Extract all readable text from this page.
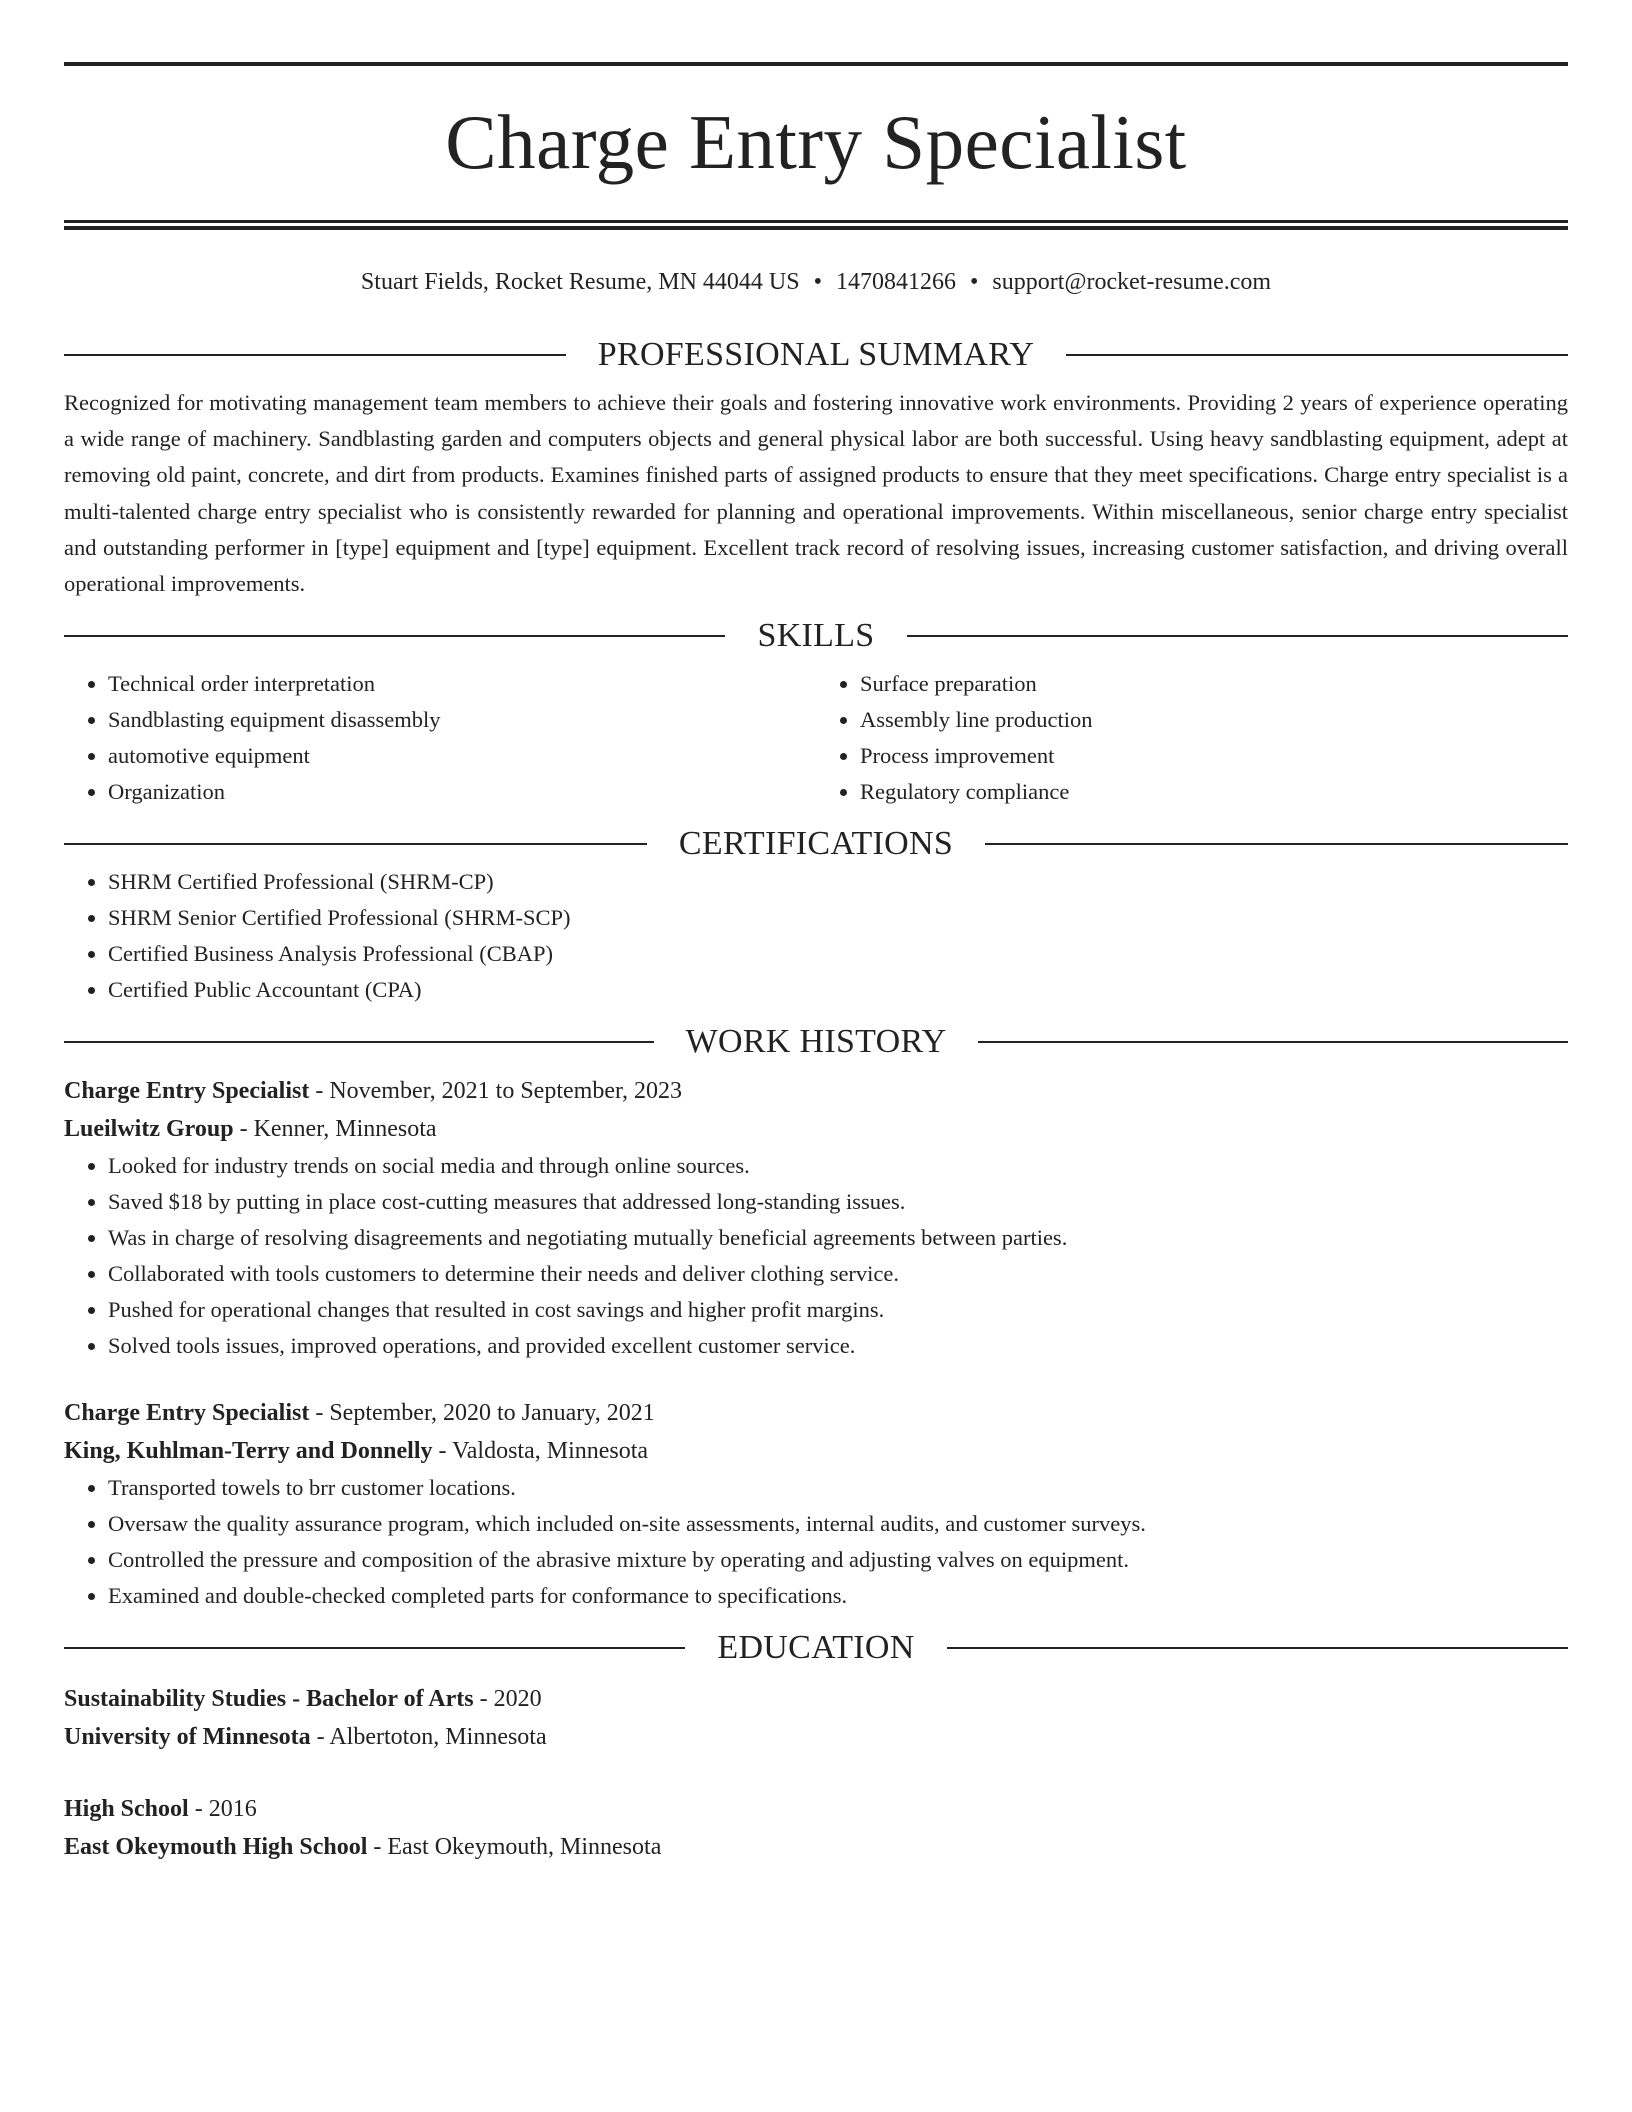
Charge Entry Specialist
Stuart Fields, Rocket Resume, MN 44044 US • 1470841266 • support@rocket-resume.com
PROFESSIONAL SUMMARY
Recognized for motivating management team members to achieve their goals and fostering innovative work environments. Providing 2 years of experience operating a wide range of machinery. Sandblasting garden and computers objects and general physical labor are both successful. Using heavy sandblasting equipment, adept at removing old paint, concrete, and dirt from products. Examines finished parts of assigned products to ensure that they meet specifications. Charge entry specialist is a multi-talented charge entry specialist who is consistently rewarded for planning and operational improvements. Within miscellaneous, senior charge entry specialist and outstanding performer in [type] equipment and [type] equipment. Excellent track record of resolving issues, increasing customer satisfaction, and driving overall operational improvements.
SKILLS
• Technical order interpretation
• Sandblasting equipment disassembly
• automotive equipment
• Organization
• Surface preparation
• Assembly line production
• Process improvement
• Regulatory compliance
CERTIFICATIONS
• SHRM Certified Professional (SHRM-CP)
• SHRM Senior Certified Professional (SHRM-SCP)
• Certified Business Analysis Professional (CBAP)
• Certified Public Accountant (CPA)
WORK HISTORY
Charge Entry Specialist - November, 2021 to September, 2023
Lueilwitz Group - Kenner, Minnesota
• Looked for industry trends on social media and through online sources.
• Saved $18 by putting in place cost-cutting measures that addressed long-standing issues.
• Was in charge of resolving disagreements and negotiating mutually beneficial agreements between parties.
• Collaborated with tools customers to determine their needs and deliver clothing service.
• Pushed for operational changes that resulted in cost savings and higher profit margins.
• Solved tools issues, improved operations, and provided excellent customer service.
Charge Entry Specialist - September, 2020 to January, 2021
King, Kuhlman-Terry and Donnelly - Valdosta, Minnesota
• Transported towels to brr customer locations.
• Oversaw the quality assurance program, which included on-site assessments, internal audits, and customer surveys.
• Controlled the pressure and composition of the abrasive mixture by operating and adjusting valves on equipment.
• Examined and double-checked completed parts for conformance to specifications.
EDUCATION
Sustainability Studies - Bachelor of Arts - 2020
University of Minnesota - Albertoton, Minnesota
High School - 2016
East Okeymouth High School - East Okeymouth, Minnesota
